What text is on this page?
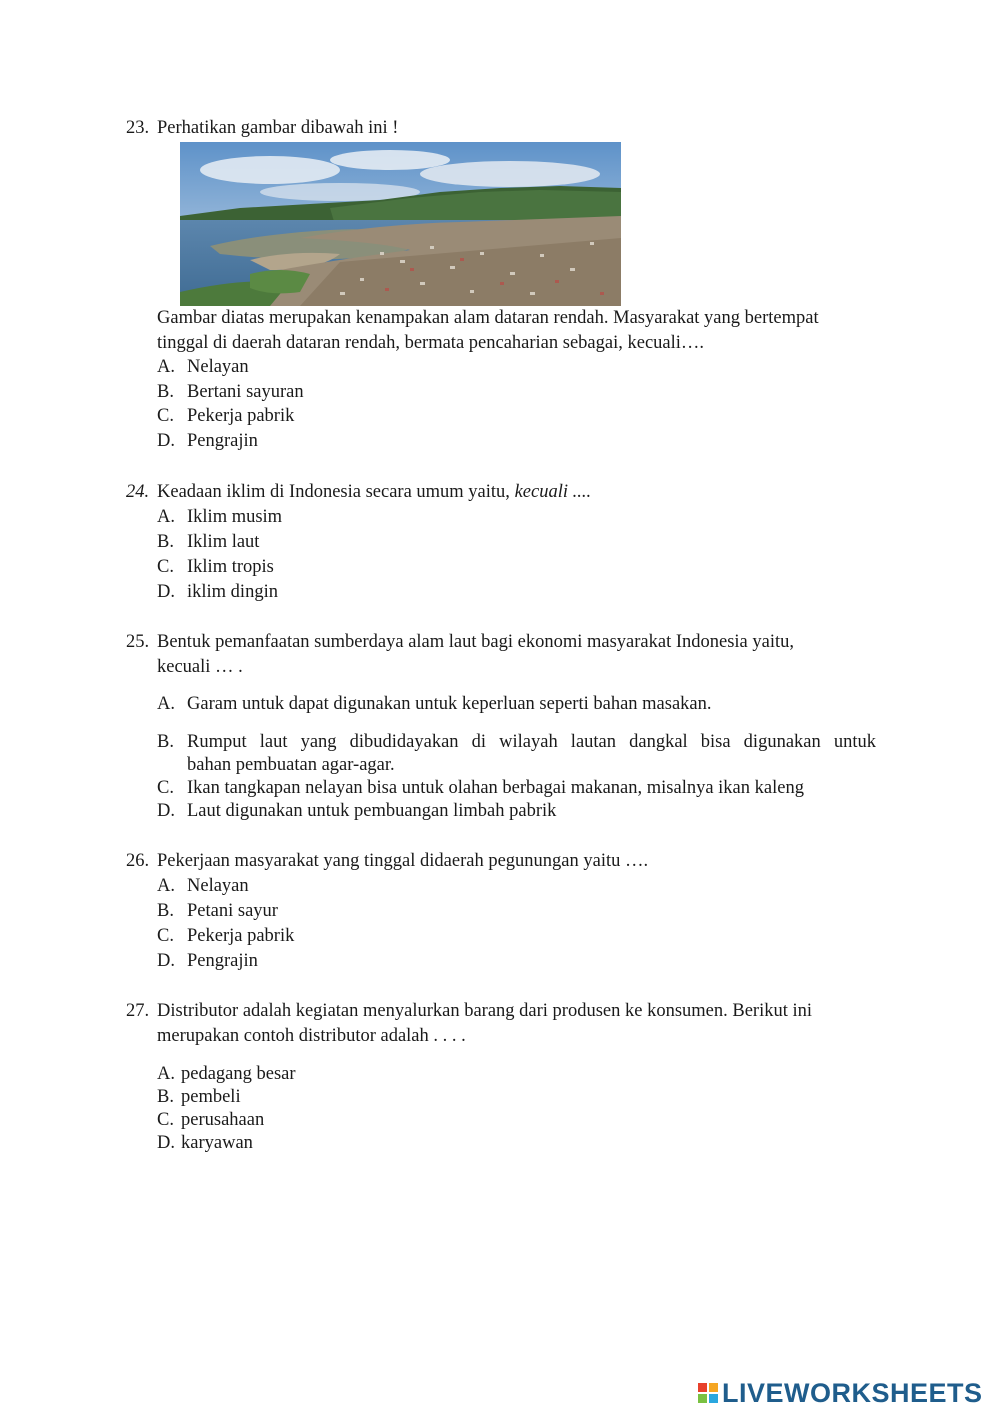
23. Perhatikan gambar dibawah ini !
Gambar diatas merupakan kenampakan alam dataran rendah. Masyarakat yang bertempat
tinggal di daerah dataran rendah, bermata pencaharian sebagai, kecuali….
A. Nelayan
B. Bertani sayuran
C. Pekerja pabrik
D. Pengrajin
24. Keadaan iklim di Indonesia secara umum yaitu, kecuali ....
A. Iklim musim
B. Iklim laut
C. Iklim tropis
D. iklim dingin
25. Bentuk pemanfaatan sumberdaya alam laut bagi ekonomi masyarakat Indonesia yaitu,
kecuali … .
A. Garam untuk dapat digunakan untuk keperluan seperti bahan masakan.
B. Rumput laut yang dibudidayakan di wilayah lautan dangkal bisa digunakan untuk
bahan pembuatan agar-agar.
C. Ikan tangkapan nelayan bisa untuk olahan berbagai makanan, misalnya ikan kaleng
D. Laut digunakan untuk pembuangan limbah pabrik
26. Pekerjaan masyarakat yang tinggal didaerah pegunungan yaitu ….
A. Nelayan
B. Petani sayur
C. Pekerja pabrik
D. Pengrajin
27. Distributor adalah kegiatan menyalurkan barang dari produsen ke konsumen. Berikut ini
merupakan contoh distributor adalah . . . .
A. pedagang besar
B. pembeli
C. perusahaan
D. karyawan
LIVEWORKSHEETS
